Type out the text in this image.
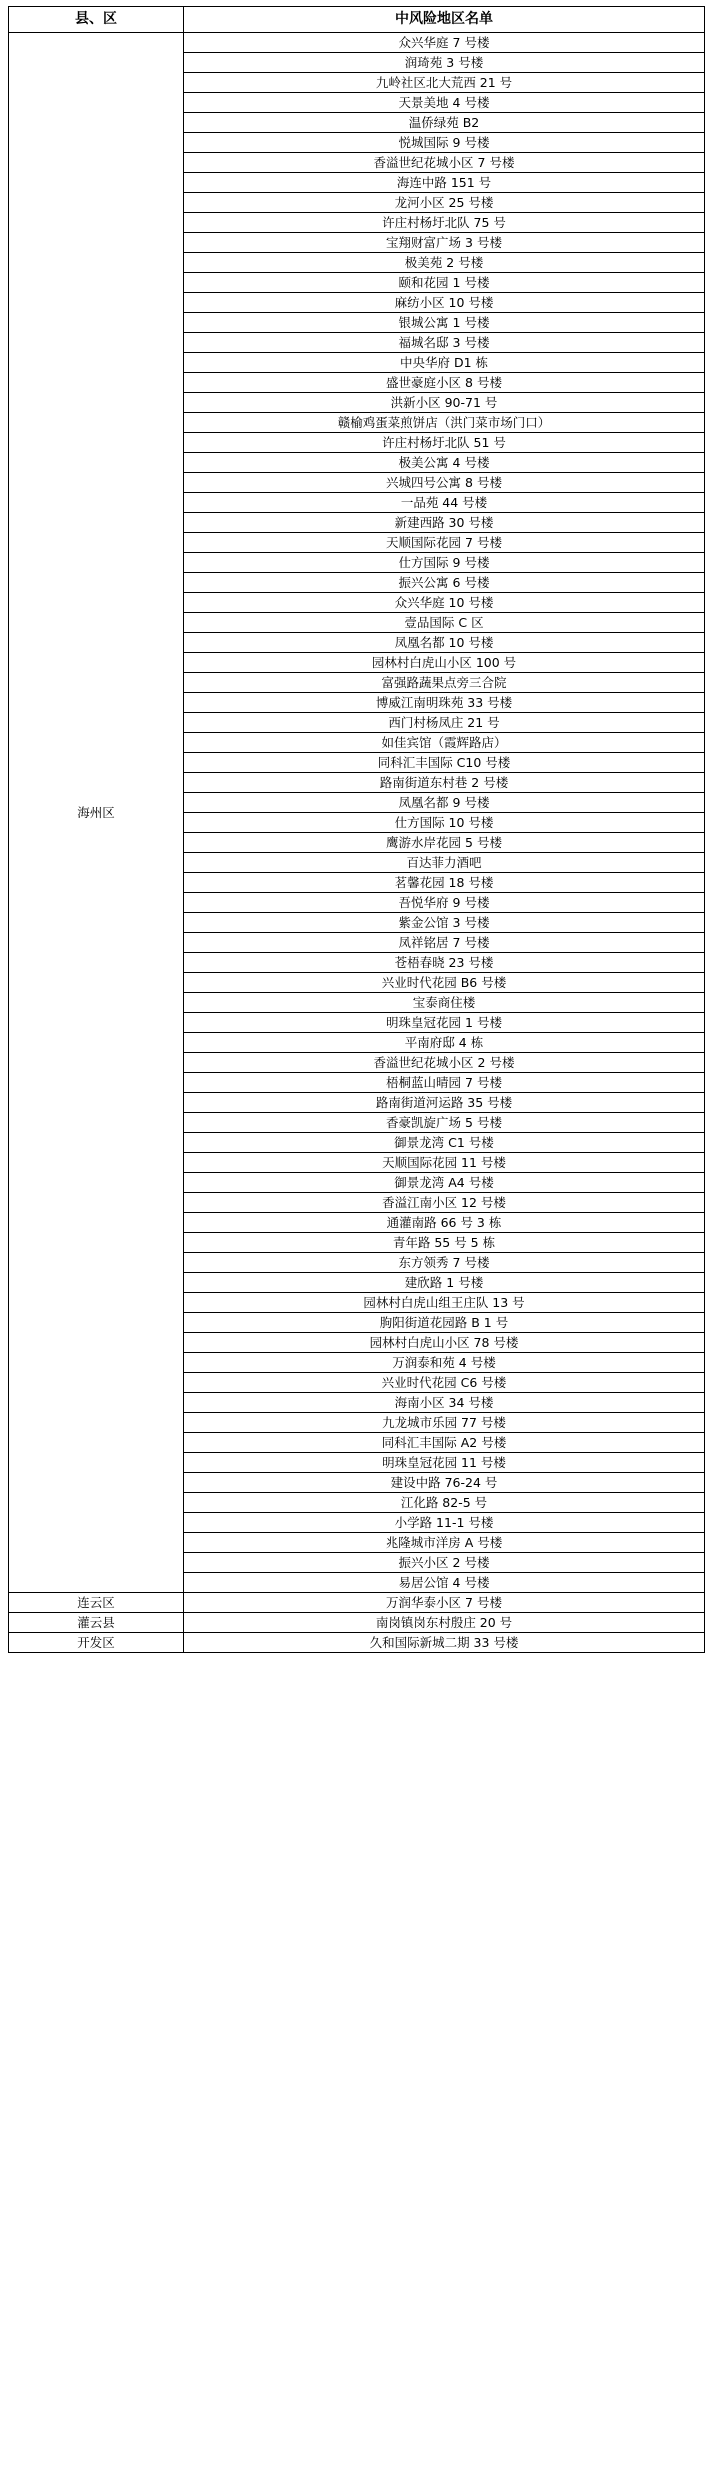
县、区	中风险地区名单
海州区	众兴华庭 7 号楼
	润琦苑 3 号楼
	九岭社区北大荒西 21 号
	天景美地 4 号楼
	温侨绿苑 B2
	悦城国际 9 号楼
	香溢世纪花城小区 7 号楼
	海连中路 151 号
	龙河小区 25 号楼
	许庄村杨圩北队 75 号
	宝翔财富广场 3 号楼
	极美苑 2 号楼
	颐和花园 1 号楼
	麻纺小区 10 号楼
	银城公寓 1 号楼
	福城名邸 3 号楼
	中央华府 D1 栋
	盛世豪庭小区 8 号楼
	洪新小区 90-71 号
	赣榆鸡蛋菜煎饼店（洪门菜市场门口）
	许庄村杨圩北队 51 号
	极美公寓 4 号楼
	兴城四号公寓 8 号楼
	一品苑 44 号楼
	新建西路 30 号楼
	天顺国际花园 7 号楼
	仕方国际 9 号楼
	振兴公寓 6 号楼
	众兴华庭 10 号楼
	壹品国际 C 区
	凤凰名都 10 号楼
	园林村白虎山小区 100 号
	富强路蔬果点旁三合院
	博威江南明珠苑 33 号楼
	西门村杨凤庄 21 号
	如佳宾馆（霞辉路店）
	同科汇丰国际 C10 号楼
	路南街道东村巷 2 号楼
	凤凰名都 9 号楼
	仕方国际 10 号楼
	鹰游水岸花园 5 号楼
	百达菲力酒吧
	茗馨花园 18 号楼
	吾悦华府 9 号楼
	紫金公馆 3 号楼
	凤祥铭居 7 号楼
	苍梧春晓 23 号楼
	兴业时代花园 B6 号楼
	宝泰商住楼
	明珠皇冠花园 1 号楼
	平南府邸 4 栋
	香溢世纪花城小区 2 号楼
	梧桐蓝山晴园 7 号楼
	路南街道河运路 35 号楼
	香豪凯旋广场 5 号楼
	御景龙湾 C1 号楼
	天顺国际花园 11 号楼
	御景龙湾 A4 号楼
	香溢江南小区 12 号楼
	通灌南路 66 号 3 栋
	青年路 55 号 5 栋
	东方领秀 7 号楼
	建欣路 1 号楼
	园林村白虎山组王庄队 13 号
	朐阳街道花园路 B 1 号
	园林村白虎山小区 78 号楼
	万润泰和苑 4 号楼
	兴业时代花园 C6 号楼
	海南小区 34 号楼
	九龙城市乐园 77 号楼
	同科汇丰国际 A2 号楼
	明珠皇冠花园 11 号楼
	建设中路 76-24 号
	江化路 82-5 号
	小学路 11-1 号楼
	兆隆城市洋房 A 号楼
	振兴小区 2 号楼
	易居公馆 4 号楼
连云区	万润华泰小区 7 号楼
灌云县	南岗镇岗东村殷庄 20 号
开发区	久和国际新城二期 33 号楼
